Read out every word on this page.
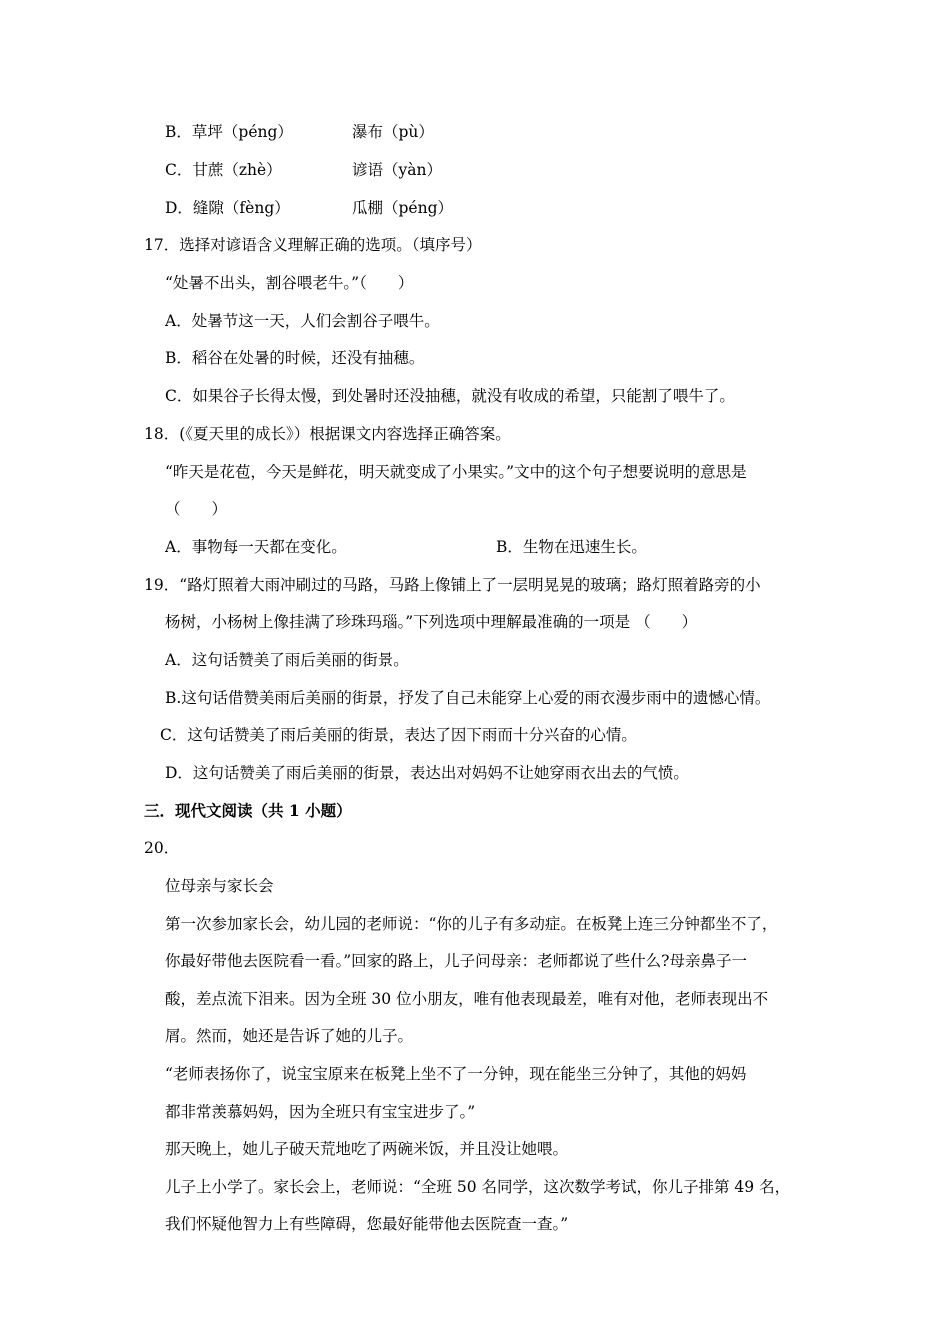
B．草坪（péng）	瀑布（pù）
C．甘蔗（zhè）	谚语（yàn）
D．缝隙（fèng）	瓜棚（péng）
17．选择对谚语含义理解正确的选项。（填序号）
“处暑不出头，割谷喂老牛。”（　　）
A．处暑节这一天，人们会割谷子喂牛。
B．稻谷在处暑的时候，还没有抽穗。
C．如果谷子长得太慢，到处暑时还没抽穗，就没有收成的希望，只能割了喂牛了。
18．(《夏天里的成长》）根据课文内容选择正确答案。
“昨天是花苞，今天是鲜花，明天就变成了小果实。”文中的这个句子想要说明的意思是
（　　）
A．事物每一天都在变化。	B．生物在迅速生长。
19．“路灯照着大雨冲刷过的马路，马路上像铺上了一层明晃晃的玻璃；路灯照着路旁的小
杨树，小杨树上像挂满了珍珠玛瑙。”下列选项中理解最准确的一项是 （　　）
A．这句话赞美了雨后美丽的街景。
B.这句话借赞美雨后美丽的街景，抒发了自己未能穿上心爱的雨衣漫步雨中的遗憾心情。
C．这句话赞美了雨后美丽的街景，表达了因下雨而十分兴奋的心情。
D．这句话赞美了雨后美丽的街景，表达出对妈妈不让她穿雨衣出去的气愤。
三．现代文阅读（共 1 小题）
20．
位母亲与家长会
第一次参加家长会，幼儿园的老师说：“你的儿子有多动症。在板凳上连三分钟都坐不了，
你最好带他去医院看一看。”回家的路上，儿子问母亲：老师都说了些什么?母亲鼻子一
酸，差点流下泪来。因为全班 30 位小朋友，唯有他表现最差，唯有对他，老师表现出不
屑。然而，她还是告诉了她的儿子。
“老师表扬你了，说宝宝原来在板凳上坐不了一分钟，现在能坐三分钟了，其他的妈妈
都非常羡慕妈妈，因为全班只有宝宝进步了。”
那天晚上，她儿子破天荒地吃了两碗米饭，并且没让她喂。
儿子上小学了。家长会上，老师说：“全班 50 名同学，这次数学考试，你儿子排第 49 名，
我们怀疑他智力上有些障碍，您最好能带他去医院查一查。”
